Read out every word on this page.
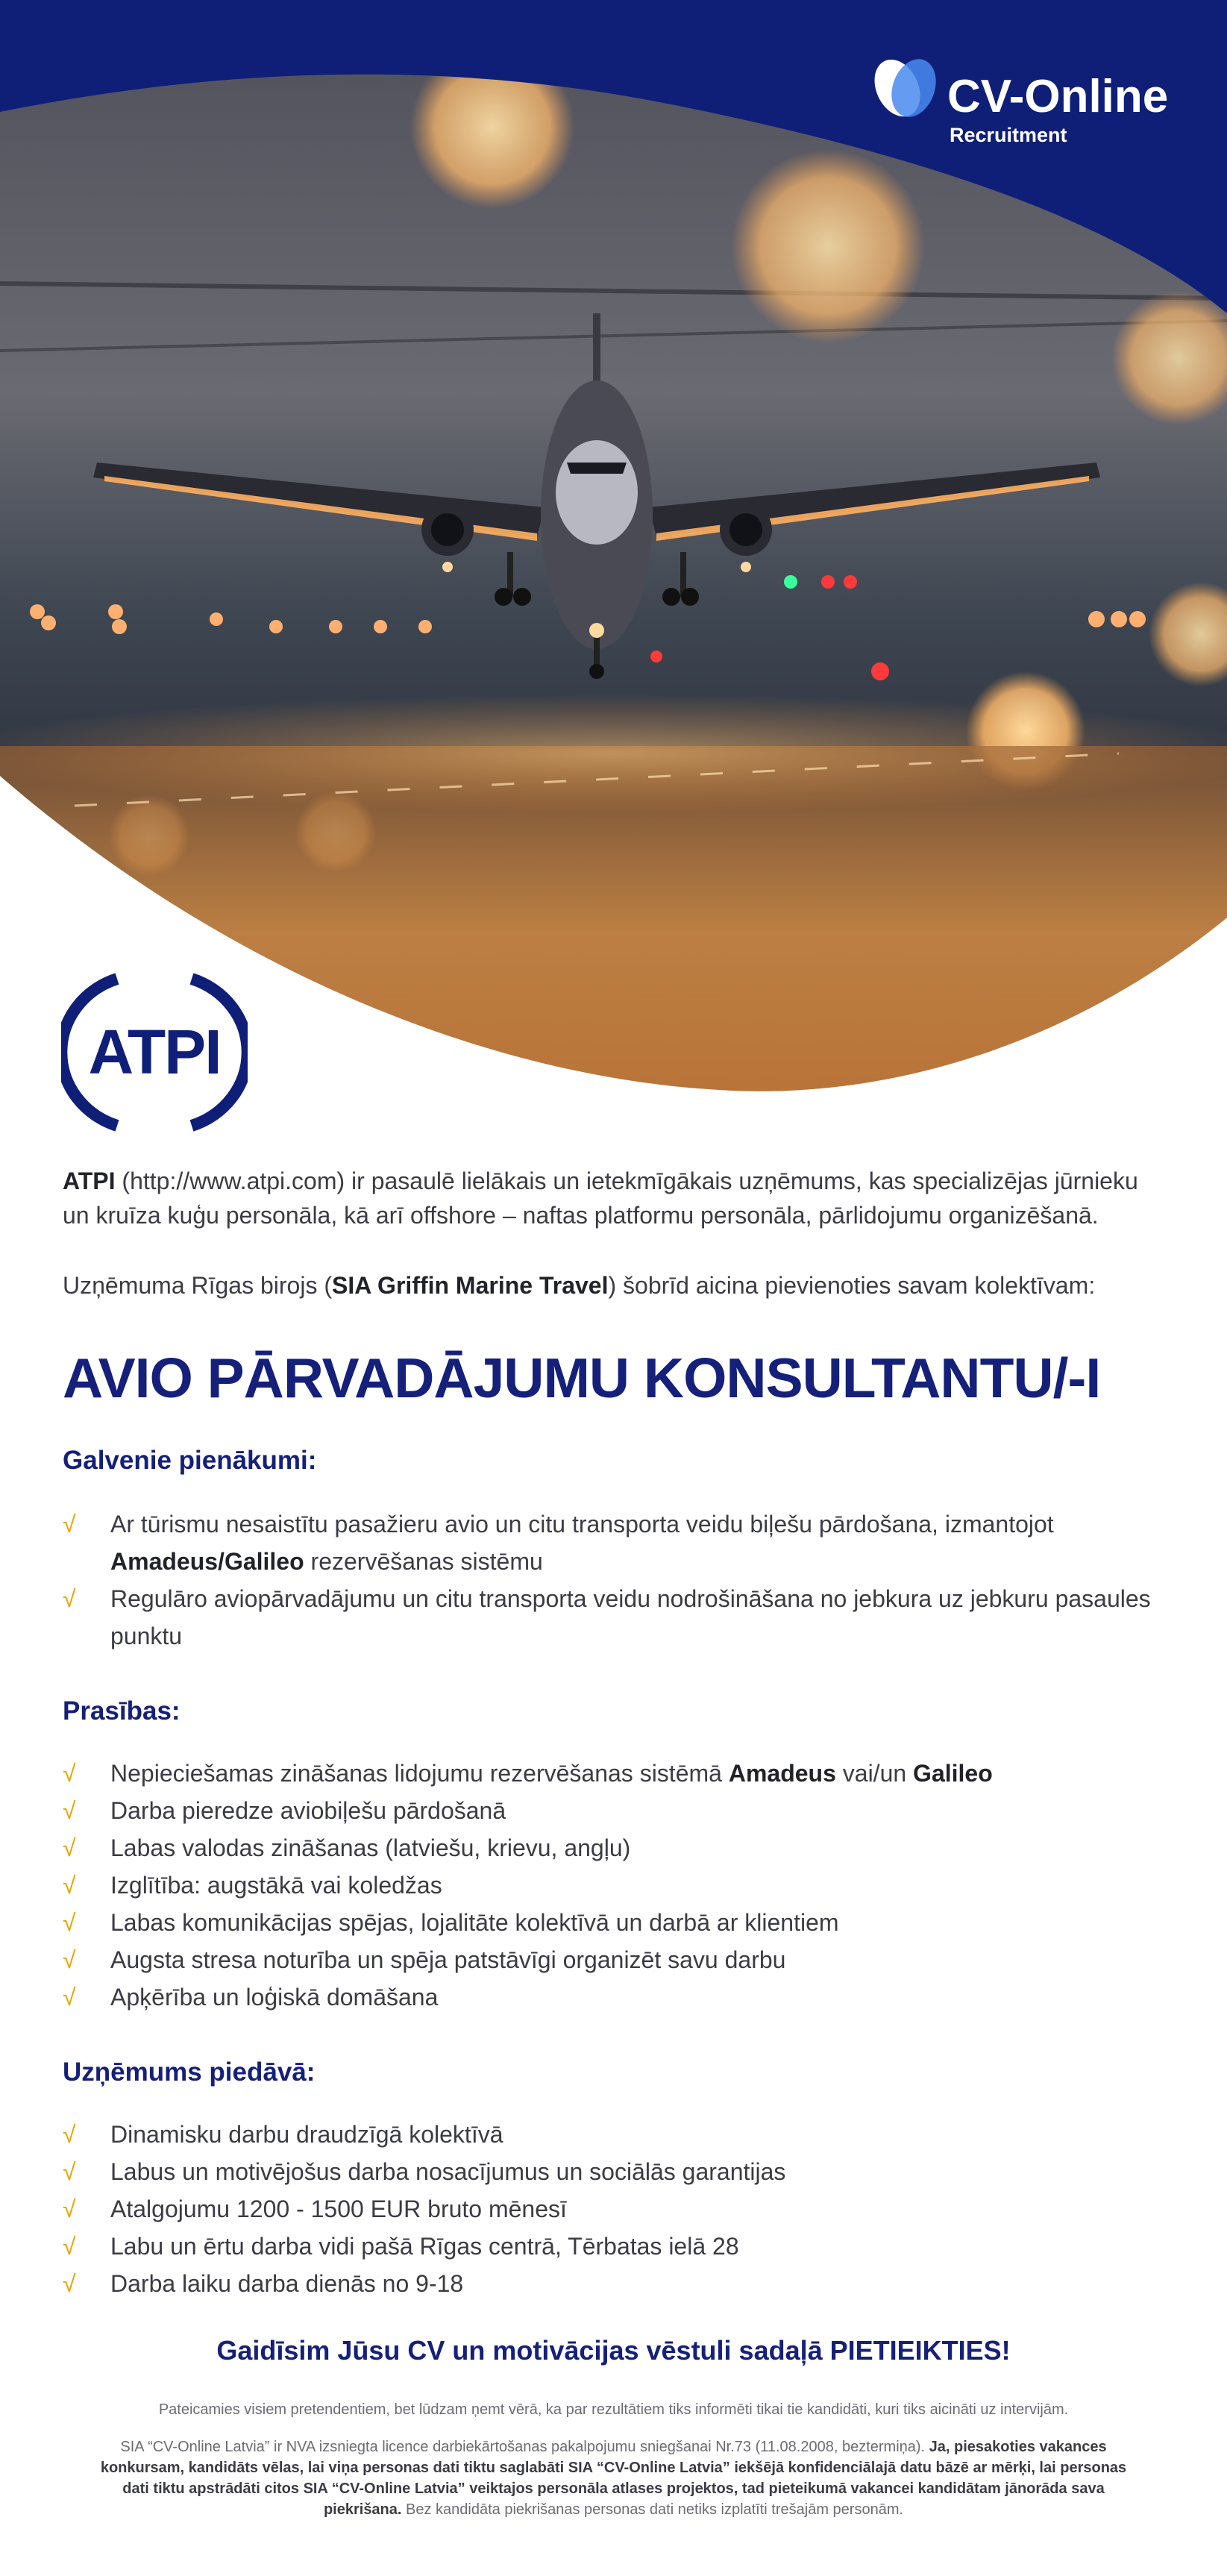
CV-Online
Recruitment
ATPI

ATPI (http://www.atpi.com) ir pasaulē lielākais un ietekmīgākais uzņēmums, kas specializējas jūrnieku un kruīza kuģu personāla, kā arī offshore – naftas platformu personāla, pārlidojumu organizēšanā.

Uzņēmuma Rīgas birojs (SIA Griffin Marine Travel) šobrīd aicina pievienoties savam kolektīvam:

AVIO PĀRVADĀJUMU KONSULTANTU/-I
Galvenie pienākumi:
√ Ar tūrismu nesaistītu pasažieru avio un citu transporta veidu biļešu pārdošana, izmantojot Amadeus/Galileo rezervēšanas sistēmu
√ Regulāro aviopārvadājumu un citu transporta veidu nodrošināšana no jebkura uz jebkuru pasaules punktu
Prasības:
√ Nepieciešamas zināšanas lidojumu rezervēšanas sistēmā Amadeus vai/un Galileo
√ Darba pieredze aviobiļešu pārdošanā
√ Labas valodas zināšanas (latviešu, krievu, angļu)
√ Izglītība: augstākā vai koledžas
√ Labas komunikācijas spējas, lojalitāte kolektīvā un darbā ar klientiem
√ Augsta stresa noturība un spēja patstāvīgi organizēt savu darbu
√ Apķērība un loģiskā domāšana
Uzņēmums piedāvā:
√ Dinamisku darbu draudzīgā kolektīvā
√ Labus un motivējošus darba nosacījumus un sociālās garantijas
√ Atalgojumu 1200 - 1500 EUR bruto mēnesī
√ Labu un ērtu darba vidi pašā Rīgas centrā, Tērbatas ielā 28
√ Darba laiku darba dienās no 9-18
Gaidīsim Jūsu CV un motivācijas vēstuli sadaļā PIETIEIKTIES!
Pateicamies visiem pretendentiem, bet lūdzam ņemt vērā, ka par rezultātiem tiks informēti tikai tie kandidāti, kuri tiks aicināti uz intervijām.
SIA “CV-Online Latvia” ir NVA izsniegta licence darbiekārtošanas pakalpojumu sniegšanai Nr.73 (11.08.2008, beztermiņa). Ja, piesakoties vakances konkursam, kandidāts vēlas, lai viņa personas dati tiktu saglabāti SIA “CV-Online Latvia” iekšējā konfidenciālajā datu bāzē ar mērķi, lai personas dati tiktu apstrādāti citos SIA “CV-Online Latvia” veiktajos personāla atlases projektos, tad pieteikumā vakancei kandidātam jānorāda sava piekrišana. Bez kandidāta piekrišanas personas dati netiks izplatīti trešajām personām.
